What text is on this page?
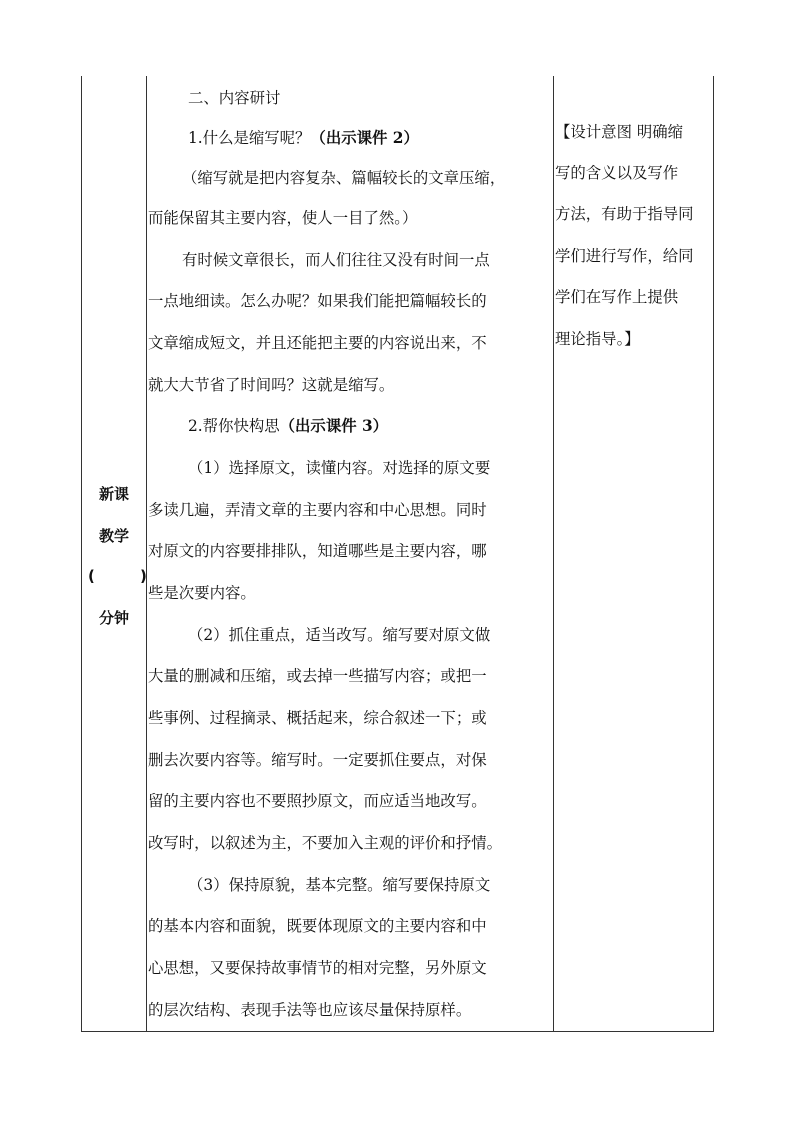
新课
教学
(	)
分钟
二、内容研讨
1.什么是缩写呢？（出示课件 2）
（缩写就是把内容复杂、篇幅较长的文章压缩，
而能保留其主要内容，使人一目了然。）
有时候文章很长，而人们往往又没有时间一点
一点地细读。怎么办呢？如果我们能把篇幅较长的
文章缩成短文，并且还能把主要的内容说出来，不
就大大节省了时间吗？这就是缩写。
2.帮你快构思（出示课件 3）
（1）选择原文，读懂内容。对选择的原文要
多读几遍，弄清文章的主要内容和中心思想。同时
对原文的内容要排排队，知道哪些是主要内容，哪
些是次要内容。
（2）抓住重点，适当改写。缩写要对原文做
大量的删减和压缩，或去掉一些描写内容；或把一
些事例、过程摘录、概括起来，综合叙述一下；或
删去次要内容等。缩写时。一定要抓住要点，对保
留的主要内容也不要照抄原文，而应适当地改写。
改写时，以叙述为主，不要加入主观的评价和抒情。
（3）保持原貌，基本完整。缩写要保持原文
的基本内容和面貌，既要体现原文的主要内容和中
心思想，又要保持故事情节的相对完整，另外原文
的层次结构、表现手法等也应该尽量保持原样。
【设计意图 明确缩
写的含义以及写作
方法，有助于指导同
学们进行写作，给同
学们在写作上提供
理论指导。】
